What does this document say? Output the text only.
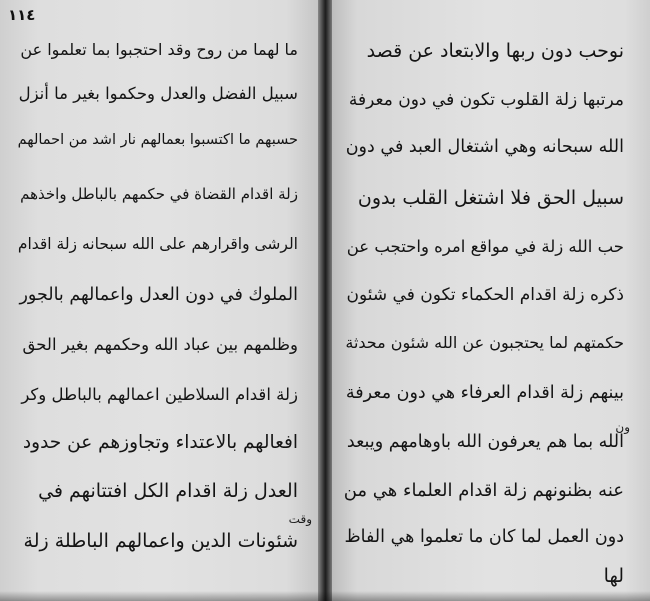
١١٤
ما لهما من روح وقد احتجبوا بما تعلموا عن
سبيل الفضل والعدل وحكموا بغير ما أنزل
حسبهم ما اكتسبوا بعمالهم نار اشد من احمالهم
زلة اقدام القضاة في حكمهم بالباطل واخذهم
الرشى واقرارهم على الله سبحانه زلة اقدام
الملوك في دون العدل واعمالهم بالجور
وظلمهم بين عباد الله وحكمهم بغير الحق
زلة اقدام السلاطين اعمالهم بالباطل وكر
افعالهم بالاعتداء وتجاوزهم عن حدود
العدل زلة اقدام الكل افتتانهم في
شئونات الدين واعمالهم الباطلة زلة
وقت
نوحب دون ربها والابتعاد عن قصد
مرتبها زلة القلوب تكون في دون معرفة
الله سبحانه وهي اشتغال العبد في دون
سبيل الحق فلا اشتغل القلب بدون
حب الله زلة في مواقع امره واحتجب عن
ذكره زلة اقدام الحكماء تكون في شئون
حكمتهم لما يحتجبون عن الله شئون محدثة
بينهم زلة اقدام العرفاء هي دون معرفة
الله بما هم يعرفون الله باوهامهم ويبعد
عنه بظنونهم زلة اقدام العلماء هي من
دون العمل لما كان ما تعلموا هي الفاظ
لها
ون
